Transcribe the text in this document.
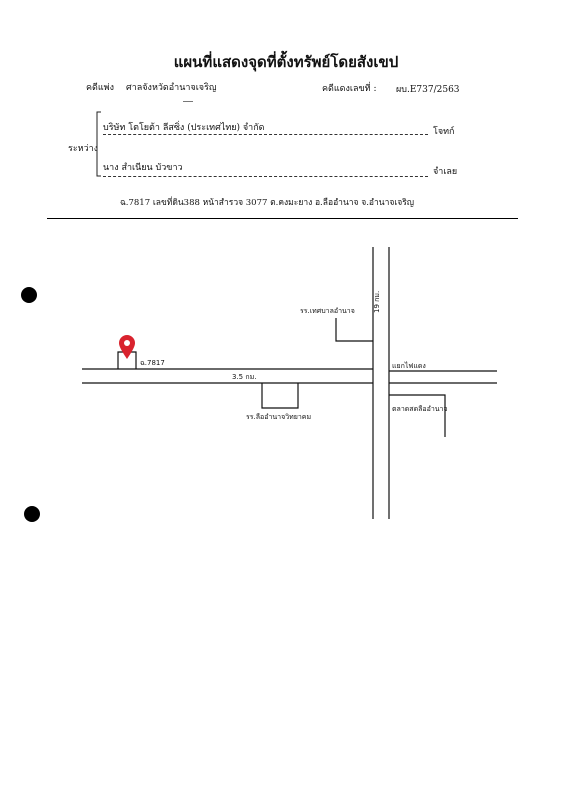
แผนที่แสดงจุดที่ตั้งทรัพย์โดยสังเขป
คดีแพ่ง ศาลจังหวัดอำนาจเจริญ	คดีแดงเลขที่ : ผบ.E737/2563
ระหว่าง
บริษัท โตโยต้า ลีสซิ่ง (ประเทศไทย) จำกัด	โจทก์
นาง สำเนียน บัวขาว	จำเลย
ฉ.7817 เลขที่ดิน388 หน้าสำรวจ 3077 ต.คงมะยาง อ.ลืออำนาจ จ.อำนาจเจริญ
ฉ.7817
3.5 กม.
19 กม.
รร.เทศบาลอำนาจ
แยกไฟแดง
รร.ลืออำนาจวิทยาคม
ตลาดสดลืออำนาจ
